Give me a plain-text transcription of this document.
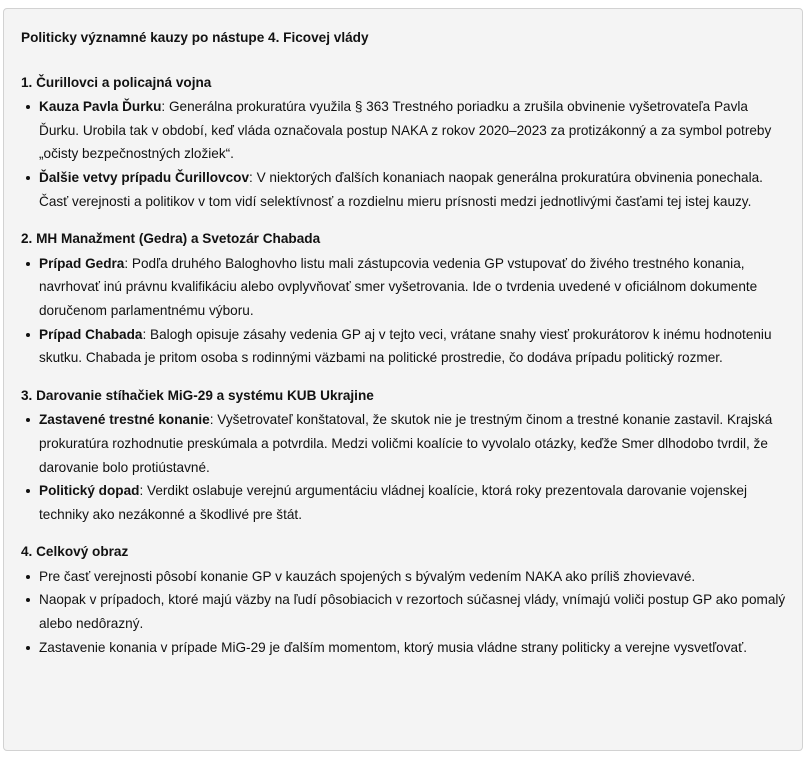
Politicky významné kauzy po nástupe 4. Ficovej vlády
1. Čurillovci a policajná vojna
Kauza Pavla Ďurku: Generálna prokuratúra využila § 363 Trestného poriadku a zrušila obvinenie vyšetrovateľa Pavla Ďurku. Urobila tak v období, keď vláda označovala postup NAKA z rokov 2020–2023 za protizákonný a za symbol potreby „očisty bezpečnostných zložiek“.
Ďalšie vetvy prípadu Čurillovcov: V niektorých ďalších konaniach naopak generálna prokuratúra obvinenia ponechala. Časť verejnosti a politikov v tom vidí selektívnosť a rozdielnu mieru prísnosti medzi jednotlivými časťami tej istej kauzy.
2. MH Manažment (Gedra) a Svetozár Chabada
Prípad Gedra: Podľa druhého Baloghovho listu mali zástupcovia vedenia GP vstupovať do živého trestného konania, navrhovať inú právnu kvalifikáciu alebo ovplyvňovať smer vyšetrovania. Ide o tvrdenia uvedené v oficiálnom dokumente doručenom parlamentnému výboru.
Prípad Chabada: Balogh opisuje zásahy vedenia GP aj v tejto veci, vrátane snahy viesť prokurátorov k inému hodnoteniu skutku. Chabada je pritom osoba s rodinnými väzbami na politické prostredie, čo dodáva prípadu politický rozmer.
3. Darovanie stíhačiek MiG-29 a systému KUB Ukrajine
Zastavené trestné konanie: Vyšetrovateľ konštatoval, že skutok nie je trestným činom a trestné konanie zastavil. Krajská prokuratúra rozhodnutie preskúmala a potvrdila. Medzi voličmi koalície to vyvolalo otázky, keďže Smer dlhodobo tvrdil, že darovanie bolo protiústavné.
Politický dopad: Verdikt oslabuje verejnú argumentáciu vládnej koalície, ktorá roky prezentovala darovanie vojenskej techniky ako nezákonné a škodlivé pre štát.
4. Celkový obraz
Pre časť verejnosti pôsobí konanie GP v kauzách spojených s bývalým vedením NAKA ako príliš zhovievavé.
Naopak v prípadoch, ktoré majú väzby na ľudí pôsobiacich v rezortoch súčasnej vlády, vnímajú voliči postup GP ako pomalý alebo nedôrazný.
Zastavenie konania v prípade MiG-29 je ďalším momentom, ktorý musia vládne strany politicky a verejne vysvetľovať.
